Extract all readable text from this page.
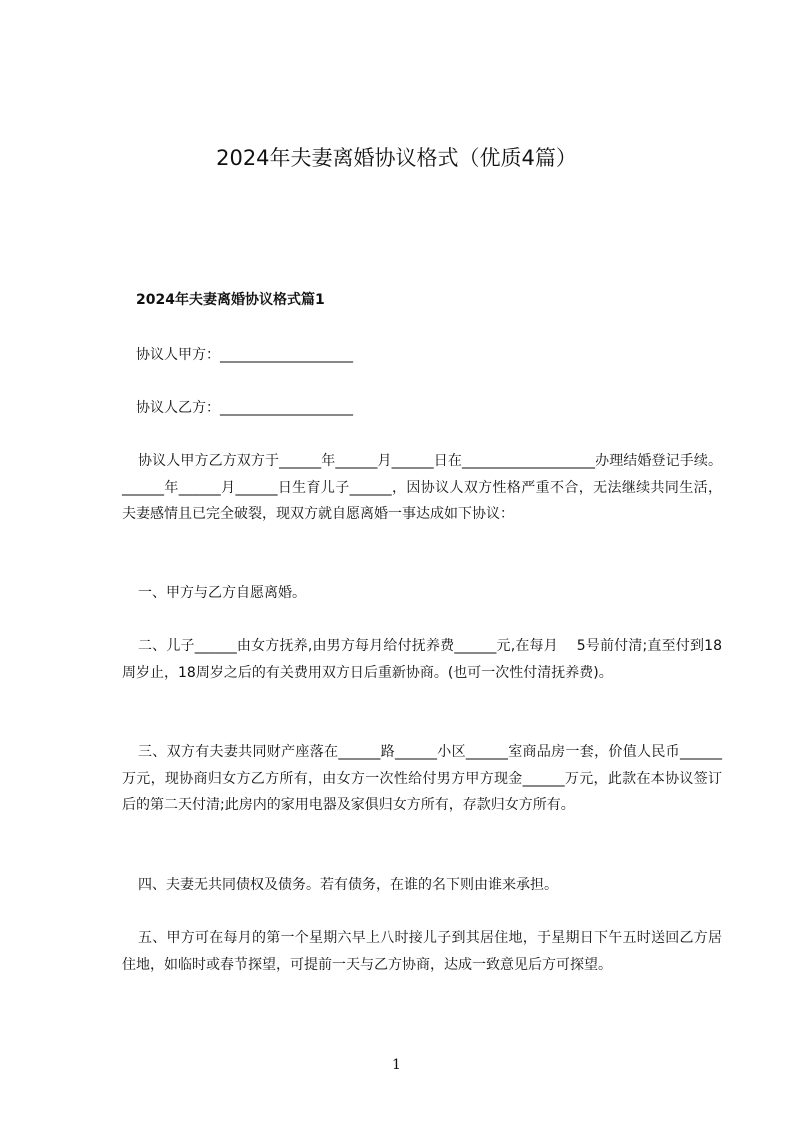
2024年夫妻离婚协议格式（优质4篇）
2024年夫妻离婚协议格式篇1
协议人甲方：___________________
协议人乙方：___________________
协议人甲方乙方双方于______年______月______日在___________________办理结婚登记手续。______年______月______日生育儿子______，因协议人双方性格严重不合，无法继续共同生活，夫妻感情且已完全破裂，现双方就自愿离婚一事达成如下协议：
一、甲方与乙方自愿离婚。
二、儿子______由女方抚养,由男方每月给付抚养费______元,在每月　 5号前付清;直至付到18周岁止，18周岁之后的有关费用双方日后重新协商。(也可一次性付清抚养费)。
三、双方有夫妻共同财产座落在______路______小区______室商品房一套，价值人民币______万元，现协商归女方乙方所有，由女方一次性给付男方甲方现金______万元，此款在本协议签订后的第二天付清;此房内的家用电器及家俱归女方所有，存款归女方所有。
四、夫妻无共同债权及债务。若有债务，在谁的名下则由谁来承担。
五、甲方可在每月的第一个星期六早上八时接儿子到其居住地，于星期日下午五时送回乙方居住地，如临时或春节探望，可提前一天与乙方协商，达成一致意见后方可探望。
1
